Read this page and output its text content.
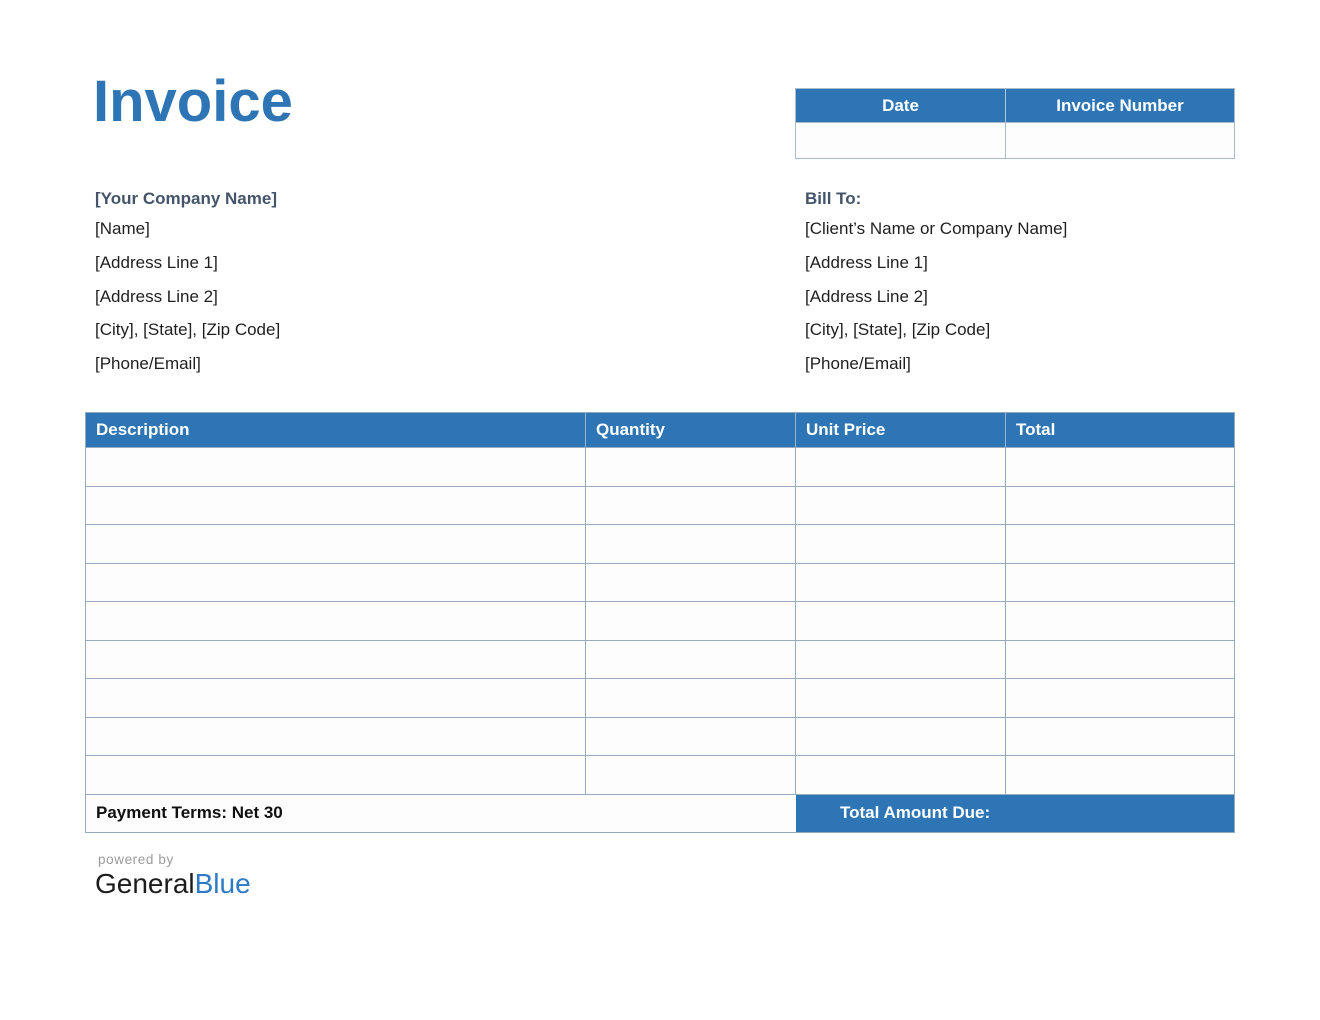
Invoice	Date	Invoice Number
[Your Company Name]
[Name]
[Address Line 1]
[Address Line 2]
[City], [State], [Zip Code]
[Phone/Email]
Bill To:
[Client’s Name or Company Name]
[Address Line 1]
[Address Line 2]
[City], [State], [Zip Code]
[Phone/Email]
Description	Quantity	Unit Price	Total
Payment Terms: Net 30	Total Amount Due:
powered by
GeneralBlue
